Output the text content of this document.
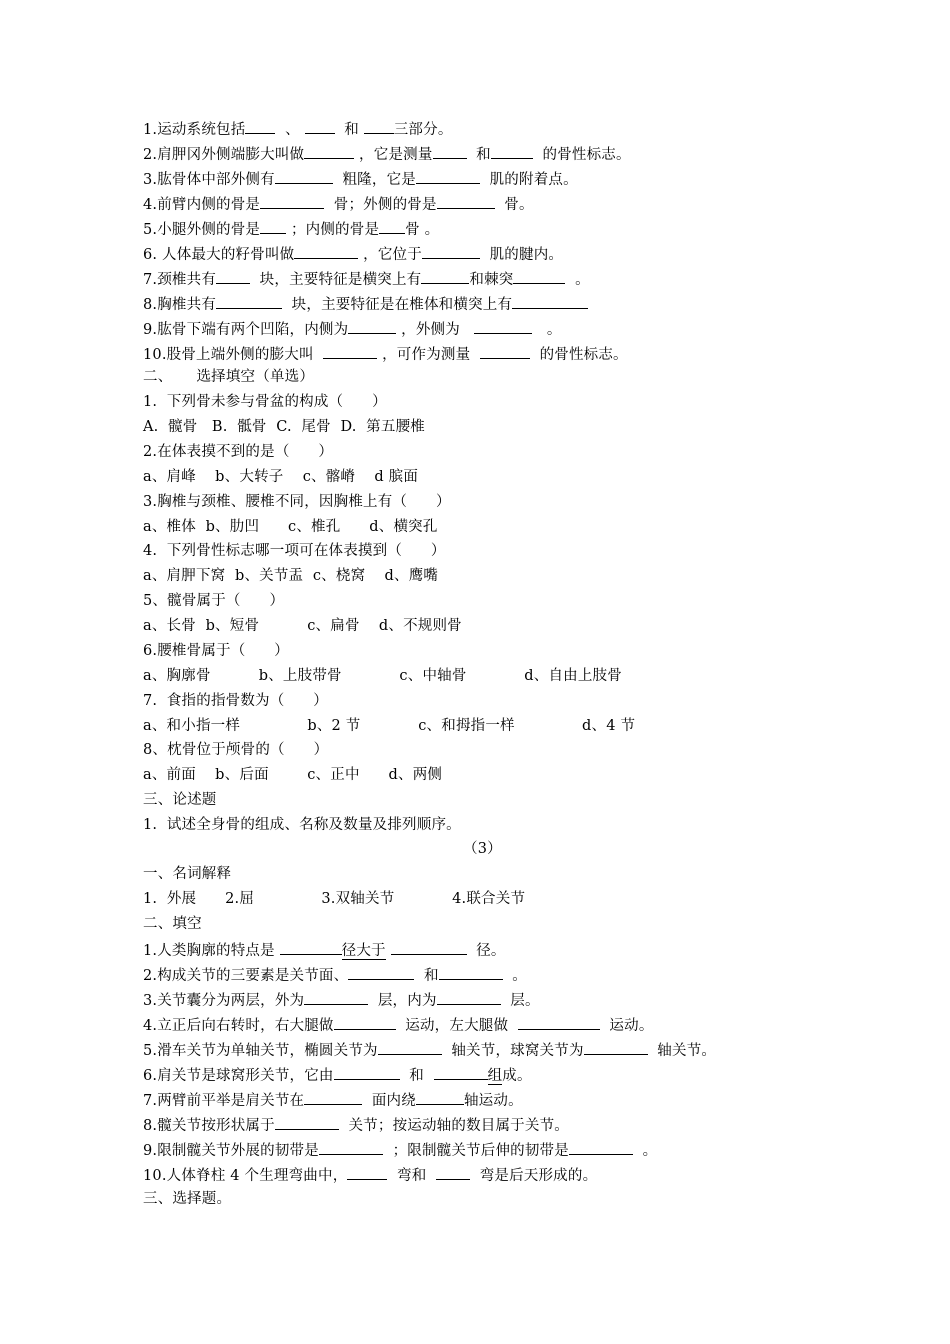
1.运动系统包括	、	和 三部分。
2.肩胛冈外侧端膨大叫做	，它是测量	和	的骨性标志。
3.肱骨体中部外侧有	粗隆，它是	肌的附着点。
4.前臂内侧的骨是	骨；外侧的骨是	骨。
5.小腿外侧的骨是 ；内侧的骨是 骨 。
6. 人体最大的籽骨叫做	，它位于	肌的腱内。
7.颈椎共有	块，主要特征是横突上有	和棘突	。
8.胸椎共有	块，主要特征是在椎体和横突上有
9.肱骨下端有两个凹陷，内侧为	，外侧为	。
10.股骨上端外侧的膨大叫	，可作为测量	的骨性标志。
二、     选择填空（单选）
1.  下列骨未参与骨盆的构成（      ）
A.  髋骨   B.  骶骨  C.  尾骨  D.  第五腰椎
2.在体表摸不到的是（      ）
a、肩峰    b、大转子    c、髂嵴    d 膑面
3.胸椎与颈椎、腰椎不同，因胸椎上有（      ）
a、椎体  b、肋凹      c、椎孔      d、横突孔
4.  下列骨性标志哪一项可在体表摸到（      ）
a、肩胛下窝  b、关节盂  c、桡窝    d、鹰嘴
5、髋骨属于（      ）
a、长骨  b、短骨          c、扁骨    d、不规则骨
6.腰椎骨属于（      ）
a、胸廓骨          b、上肢带骨            c、中轴骨            d、自由上肢骨
7.  食指的指骨数为（      ）
a、和小指一样              b、2 节            c、和拇指一样              d、4 节
8、枕骨位于颅骨的（      ）
a、前面    b、后面        c、正中      d、两侧
三、论述题
1.  试述全身骨的组成、名称及数量及排列顺序。
（3）
一、名词解释
1.  外展      2.屈              3.双轴关节            4.联合关节
二、填空
1.人类胸廓的特点是	径大于	径。
2.构成关节的三要素是关节面、	和	。
3.关节囊分为两层，外为	层，内为	层。
4.立正后向右转时，右大腿做	运动，左大腿做	运动。
5.滑车关节为单轴关节，椭圆关节为	轴关节，球窝关节为	轴关节。
6.肩关节是球窝形关节，它由	和	组成。
7.两臂前平举是肩关节在	面内绕	轴运动。
8.髋关节按形状属于	关节；按运动轴的数目属于关节。
9.限制髋关节外展的韧带是	；限制髋关节后伸的韧带是	。
10.人体脊柱 4 个生理弯曲中，	弯和	弯是后天形成的。
三、选择题。
